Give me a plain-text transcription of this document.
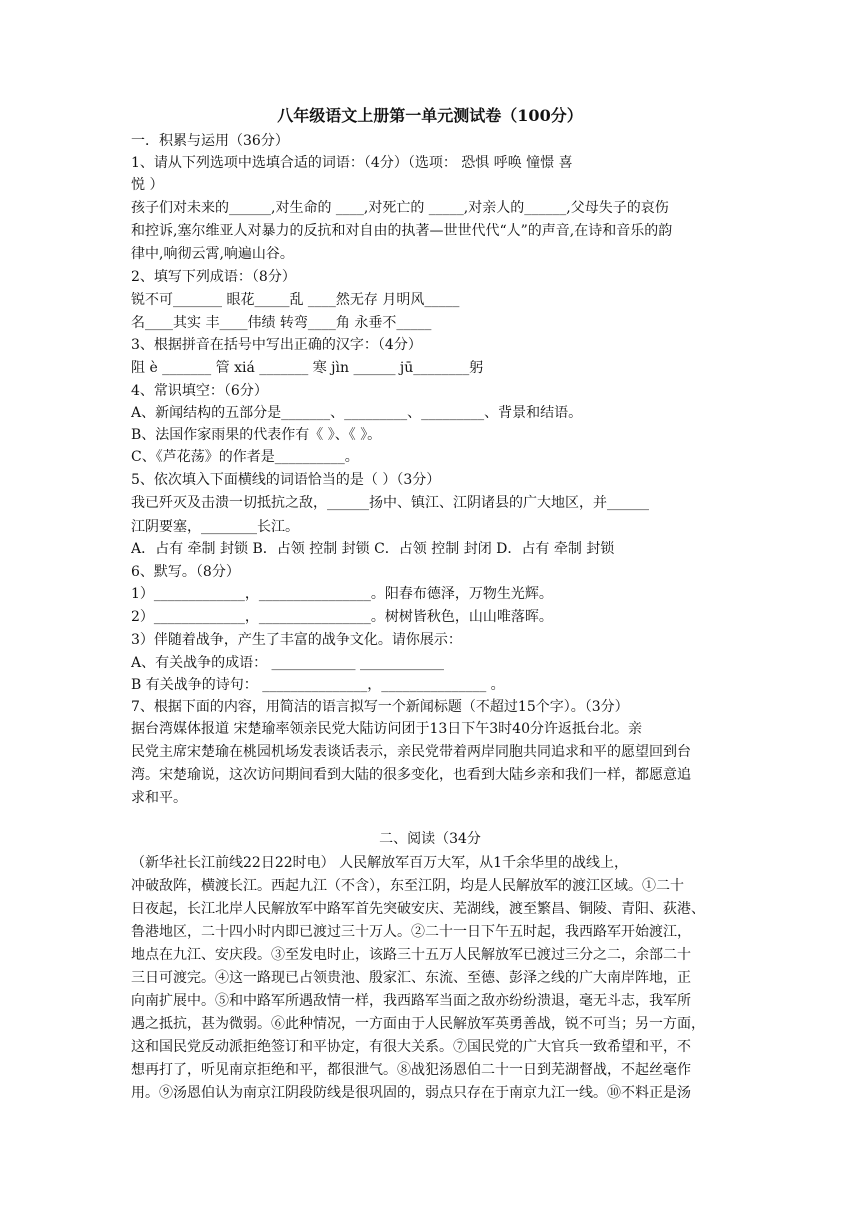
八年级语文上册第一单元测试卷（100分）
一．积累与运用（36分）
1、请从下列选项中选填合适的词语：（4分）（选项： 恐惧 呼唤 憧憬 喜
悦 ）
孩子们对未来的______,对生命的 ____,对死亡的 _____,对亲人的______,父母失子的哀伤
和控诉,塞尔维亚人对暴力的反抗和对自由的执著—世世代代“人”的声音,在诗和音乐的韵
律中,响彻云霄,响遍山谷。
2、填写下列成语：（8分）
锐不可_______ 眼花_____乱 ____然无存 月明风_____
名____其实 丰____伟绩 转弯____角 永垂不_____
3、根据拼音在括号中写出正确的汉字：（4分）
阻 è _______ 管 xiá _______ 寒 jìn ______ jū________躬
4、常识填空：（6分）
A、新闻结构的五部分是_______、_________、_________、背景和结语。
B、法国作家雨果的代表作有《 》、《 》。
C、《芦花荡》的作者是__________。
5、依次填入下面横线的词语恰当的是（ ）（3分）
我已歼灭及击溃一切抵抗之敌，______扬中、镇江、江阴诸县的广大地区，并______
江阴要塞，________长江。
A．占有 牵制 封锁 B．占领 控制 封锁 C．占领 控制 封闭 D．占有 牵制 封锁
6、默写。（8分）
1）_____________，________________。阳春布德泽，万物生光辉。
2）_____________，________________。树树皆秋色，山山唯落晖。
3）伴随着战争，产生了丰富的战争文化。请你展示：
A、有关战争的成语： ____________ ____________
B 有关战争的诗句： _______________，_______________ 。
7、根据下面的内容，用简洁的语言拟写一个新闻标题（不超过15个字）。（3分）
据台湾媒体报道 宋楚瑜率领亲民党大陆访问团于13日下午3时40分许返抵台北。亲
民党主席宋楚瑜在桃园机场发表谈话表示，亲民党带着两岸同胞共同追求和平的愿望回到台
湾。宋楚瑜说，这次访问期间看到大陆的很多变化，也看到大陆乡亲和我们一样，都愿意追
求和平。
二、阅读（34分
（新华社长江前线22日22时电） 人民解放军百万大军，从1千余华里的战线上，
冲破敌阵，横渡长江。西起九江（不含），东至江阴，均是人民解放军的渡江区域。①二十
日夜起，长江北岸人民解放军中路军首先突破安庆、芜湖线，渡至繁昌、铜陵、青阳、荻港、
鲁港地区，二十四小时内即已渡过三十万人。②二十一日下午五时起，我西路军开始渡江，
地点在九江、安庆段。③至发电时止，该路三十五万人民解放军已渡过三分之二，余部二十
三日可渡完。④这一路现已占领贵池、殷家汇、东流、至德、彭泽之线的广大南岸阵地，正
向南扩展中。⑤和中路军所遇敌情一样，我西路军当面之敌亦纷纷溃退，毫无斗志，我军所
遇之抵抗，甚为微弱。⑥此种情况，一方面由于人民解放军英勇善战，锐不可当；另一方面，
这和国民党反动派拒绝签订和平协定，有很大关系。⑦国民党的广大官兵一致希望和平，不
想再打了，听见南京拒绝和平，都很泄气。⑧战犯汤恩伯二十一日到芜湖督战，不起丝毫作
用。⑨汤恩伯认为南京江阴段防线是很巩固的，弱点只存在于南京九江一线。⑩不料正是汤
